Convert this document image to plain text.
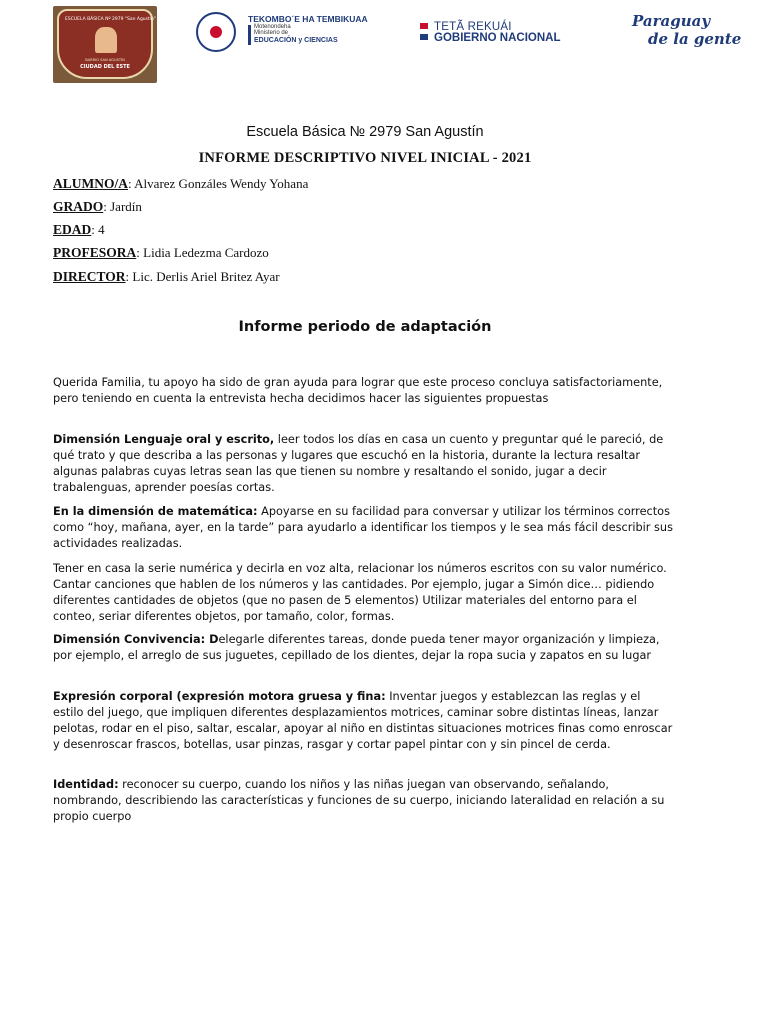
ESCUELA BÁSICA Nº 2979 "San Agustín"
BARRIO SAN AGUSTÍN
CIUDAD DEL ESTE
TEKOMBO´E HA TEMBIKUAA
Motenondeha
Ministerio de
EDUCACIÓN y CIENCIAS
TETÃ REKUÁI
GOBIERNO NACIONAL
Paraguay
de la gente
Escuela Básica № 2979 San Agustín
INFORME DESCRIPTIVO NIVEL INICIAL - 2021
ALUMNO/A: Alvarez Gonzáles Wendy Yohana
GRADO: Jardín
EDAD: 4
PROFESORA: Lidia Ledezma Cardozo
DIRECTOR: Lic. Derlis Ariel Britez Ayar
Informe periodo de adaptación

Querida Familia, tu apoyo ha sido de gran ayuda para lograr que este proceso concluya satisfactoriamente, pero teniendo en cuenta la entrevista hecha decidimos hacer las siguientes propuestas

Dimensión Lenguaje oral y escrito, leer todos los días en casa un cuento y preguntar qué le pareció, de qué trato y que describa a las personas y lugares que escuchó en la historia, durante la lectura resaltar algunas palabras cuyas letras sean las que tienen su nombre y resaltando el sonido, jugar a decir trabalenguas, aprender poesías cortas.

En la dimensión de matemática: Apoyarse en su facilidad para conversar y utilizar los términos correctos como “hoy, mañana, ayer, en la tarde” para ayudarlo a identificar los tiempos y le sea más fácil describir sus actividades realizadas.

Tener en casa la serie numérica y decirla en voz alta, relacionar los números escritos con su valor numérico. Cantar canciones que hablen de los números y las cantidades. Por ejemplo, jugar a Simón dice… pidiendo diferentes cantidades de objetos (que no pasen de 5 elementos) Utilizar materiales del entorno para el conteo, seriar diferentes objetos, por tamaño, color, formas.

Dimensión Convivencia: Delegarle diferentes tareas, donde pueda tener mayor organización y limpieza, por ejemplo, el arreglo de sus juguetes, cepillado de los dientes, dejar la ropa sucia y zapatos en su lugar

Expresión corporal (expresión motora gruesa y fina: Inventar juegos y establezcan las reglas y el estilo del juego, que impliquen diferentes desplazamientos motrices, caminar sobre distintas líneas, lanzar pelotas, rodar en el piso, saltar, escalar, apoyar al niño en distintas situaciones motrices finas como enroscar y desenroscar frascos, botellas, usar pinzas, rasgar y cortar papel pintar con y sin pincel de cerda.

Identidad: reconocer su cuerpo, cuando los niños y las niñas juegan van observando, señalando, nombrando, describiendo las características y funciones de su cuerpo, iniciando lateralidad en relación a su propio cuerpo
